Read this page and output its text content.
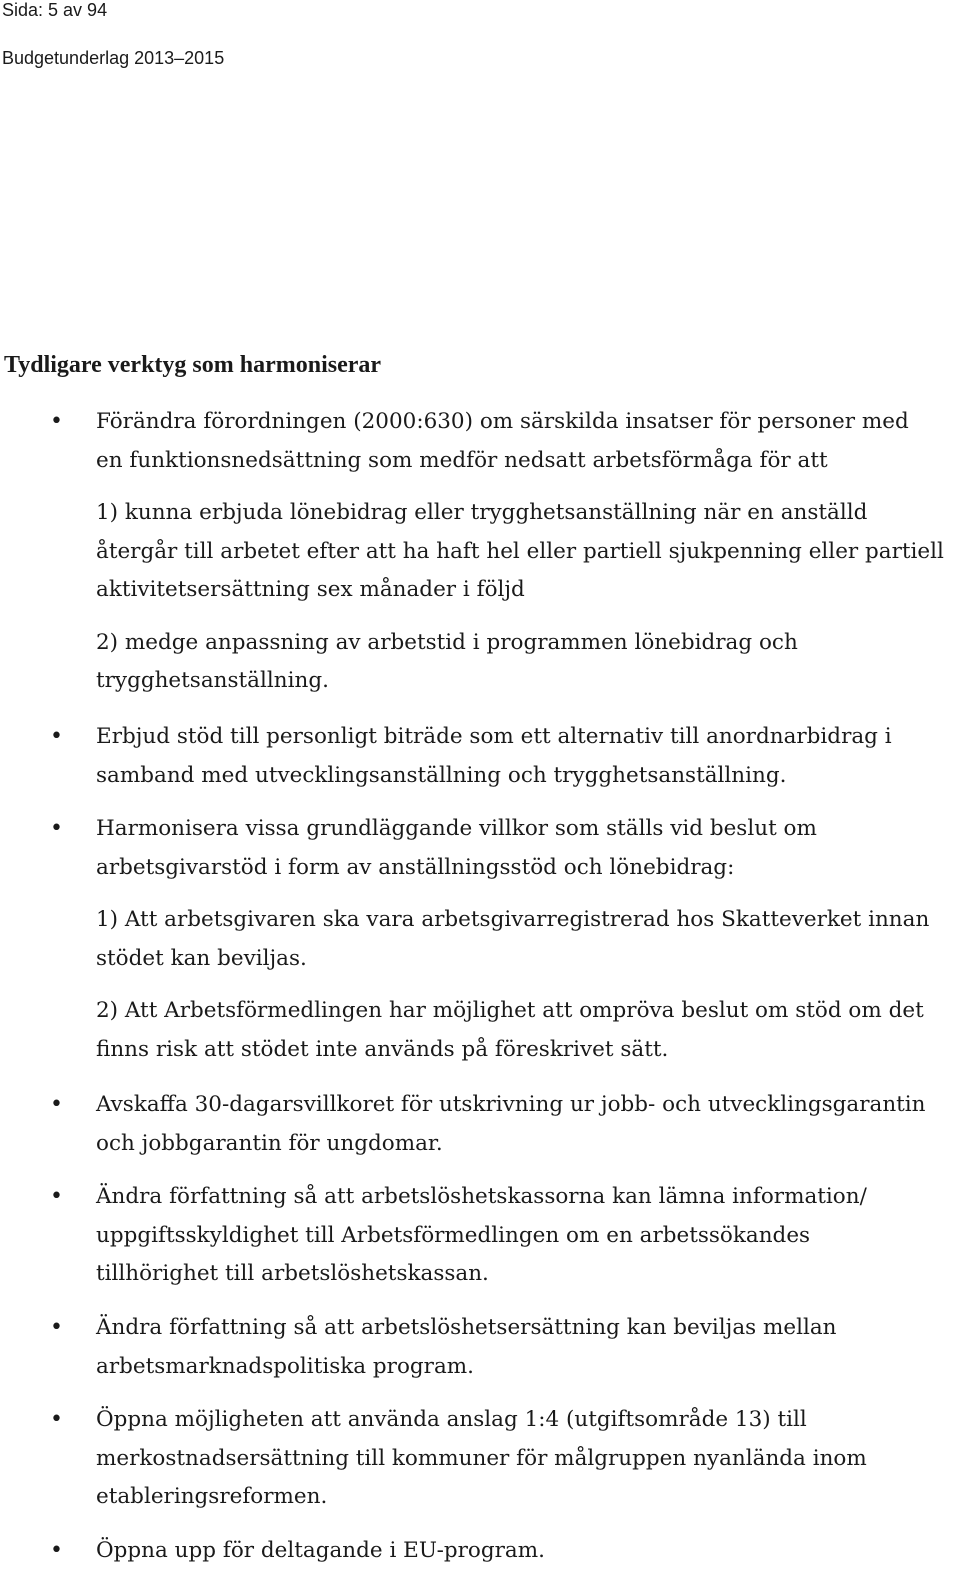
Sida: 5 av 94
Budgetunderlag 2013–2015
Tydligare verktyg som harmoniserar
• Förändra förordningen (2000:630) om särskilda insatser för personer med
en funktionsnedsättning som medför nedsatt arbetsförmåga för att
1) kunna erbjuda lönebidrag eller trygghetsanställning när en anställd
återgår till arbetet efter att ha haft hel eller partiell sjukpenning eller partiell
aktivitetsersättning sex månader i följd
2) medge anpassning av arbetstid i programmen lönebidrag och
trygghetsanställning.
• Erbjud stöd till personligt biträde som ett alternativ till anordnarbidrag i
samband med utvecklingsanställning och trygghetsanställning.
• Harmonisera vissa grundläggande villkor som ställs vid beslut om
arbetsgivarstöd i form av anställningsstöd och lönebidrag:
1) Att arbetsgivaren ska vara arbetsgivarregistrerad hos Skatteverket innan
stödet kan beviljas.
2) Att Arbetsförmedlingen har möjlighet att ompröva beslut om stöd om det
finns risk att stödet inte används på föreskrivet sätt.
• Avskaffa 30-dagarsvillkoret för utskrivning ur jobb- och utvecklingsgarantin
och jobbgarantin för ungdomar.
• Ändra författning så att arbetslöshetskassorna kan lämna information/
uppgiftsskyldighet till Arbetsförmedlingen om en arbetssökandes
tillhörighet till arbetslöshetskassan.
• Ändra författning så att arbetslöshetsersättning kan beviljas mellan
arbetsmarknadspolitiska program.
• Öppna möjligheten att använda anslag 1:4 (utgiftsområde 13) till
merkostnadsersättning till kommuner för målgruppen nyanlända inom
etableringsreformen.
• Öppna upp för deltagande i EU-program.
